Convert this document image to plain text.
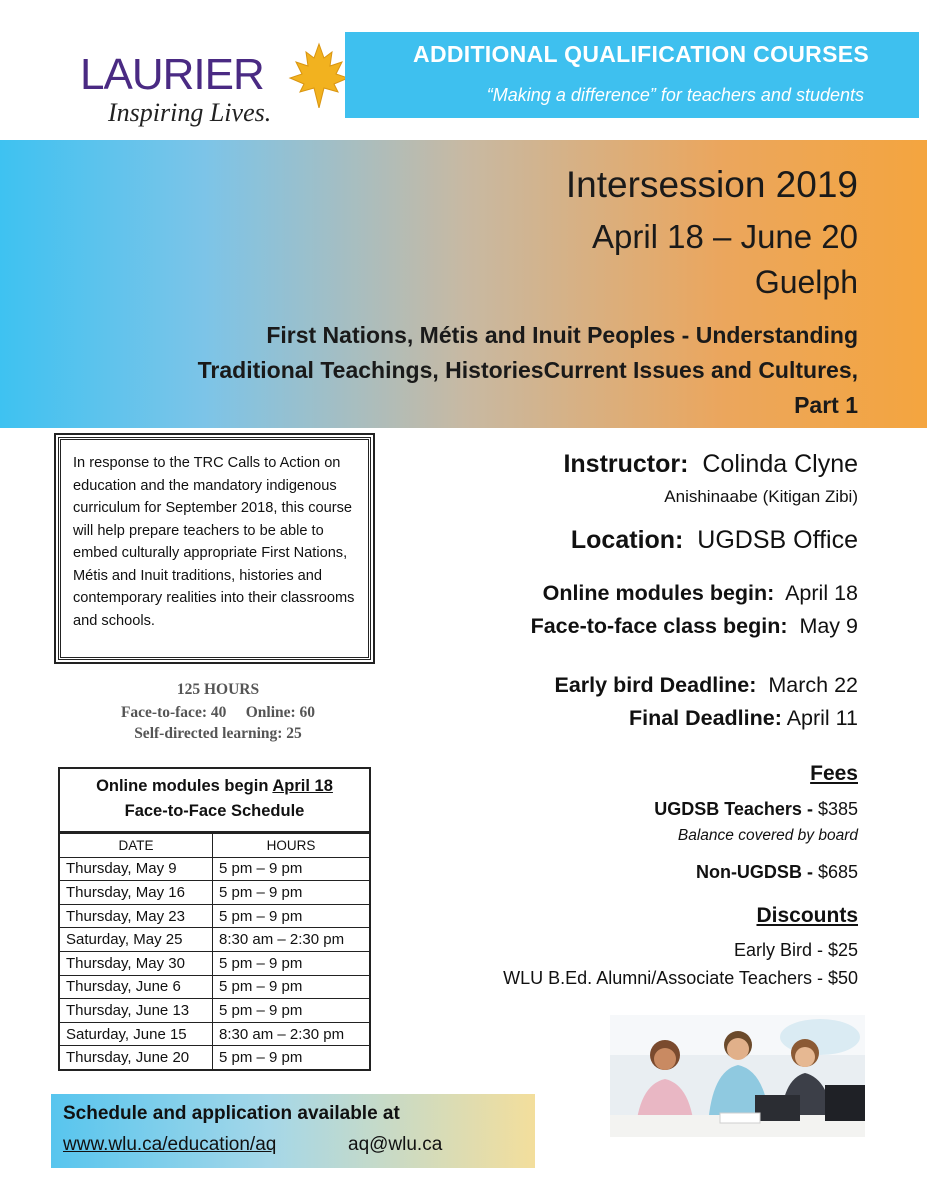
LAURIER
Inspiring Lives.
ADDITIONAL QUALIFICATION COURSES
“Making a difference” for teachers and students
Intersession 2019
April 18 – June 20
Guelph
First Nations, Métis and Inuit Peoples - Understanding
Traditional Teachings, HistoriesCurrent Issues and Cultures,
Part 1
In response to the TRC Calls to Action on education and the mandatory indigenous curriculum for September 2018, this course will help prepare teachers to be able to embed culturally appropriate First Nations, Métis and Inuit traditions, histories and contemporary realities into their classrooms and schools.
125 HOURS
Face-to-face: 40 Online: 60
Self-directed learning: 25
Online modules begin April 18
Face-to-Face Schedule
DATE	HOURS
Thursday, May 9	5 pm – 9 pm
Thursday, May 16	5 pm – 9 pm
Thursday, May 23	5 pm – 9 pm
Saturday, May 25	8:30 am – 2:30 pm
Thursday, May 30	5 pm – 9 pm
Thursday, June 6	5 pm – 9 pm
Thursday, June 13	5 pm – 9 pm
Saturday, June 15	8:30 am – 2:30 pm
Thursday, June 20	5 pm – 9 pm
Instructor: Colinda Clyne
Anishinaabe (Kitigan Zibi)
Location: UGDSB Office
Online modules begin: April 18
Face-to-face class begin: May 9
Early bird Deadline: March 22
Final Deadline: April 11
Fees
UGDSB Teachers - $385
Balance covered by board
Non-UGDSB - $685
Discounts
Early Bird - $25
WLU B.Ed. Alumni/Associate Teachers - $50
Schedule and application available at
www.wlu.ca/education/aq	aq@wlu.ca
